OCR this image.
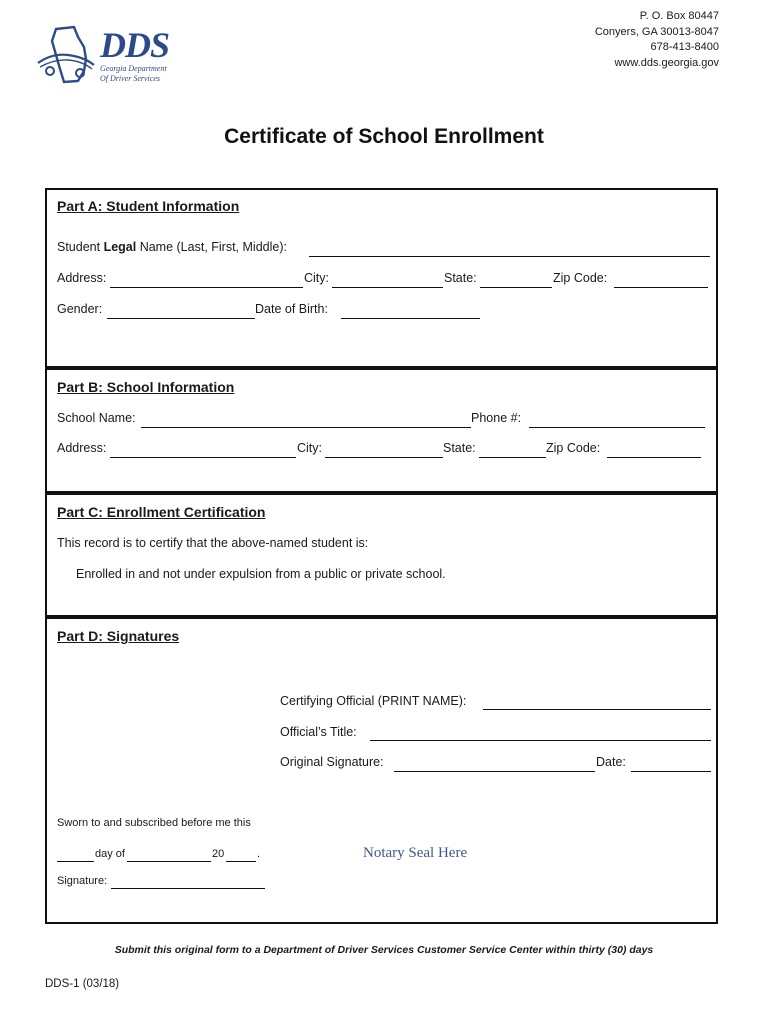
DDS
Georgia Department
Of Driver Services
P. O. Box 80447
Conyers, GA 30013-8047
678-413-8400
www.dds.georgia.gov
Certificate of School Enrollment
Part A: Student Information
Student Legal Name (Last, First, Middle):
Address:	City:	State:	Zip Code:
Gender:	Date of Birth:
Part B: School Information
School Name:	Phone #:
Address:	City:	State:	Zip Code:
Part C: Enrollment Certification
This record is to certify that the above-named student is:
Enrolled in and not under expulsion from a public or private school.
Part D: Signatures
Certifying Official (PRINT NAME):
Official’s Title:
Original Signature:	Date:
Sworn to and subscribed before me this
day of	20	.
Signature:
Notary Seal Here
Submit this original form to a Department of Driver Services Customer Service Center within thirty (30) days
DDS-1 (03/18)
